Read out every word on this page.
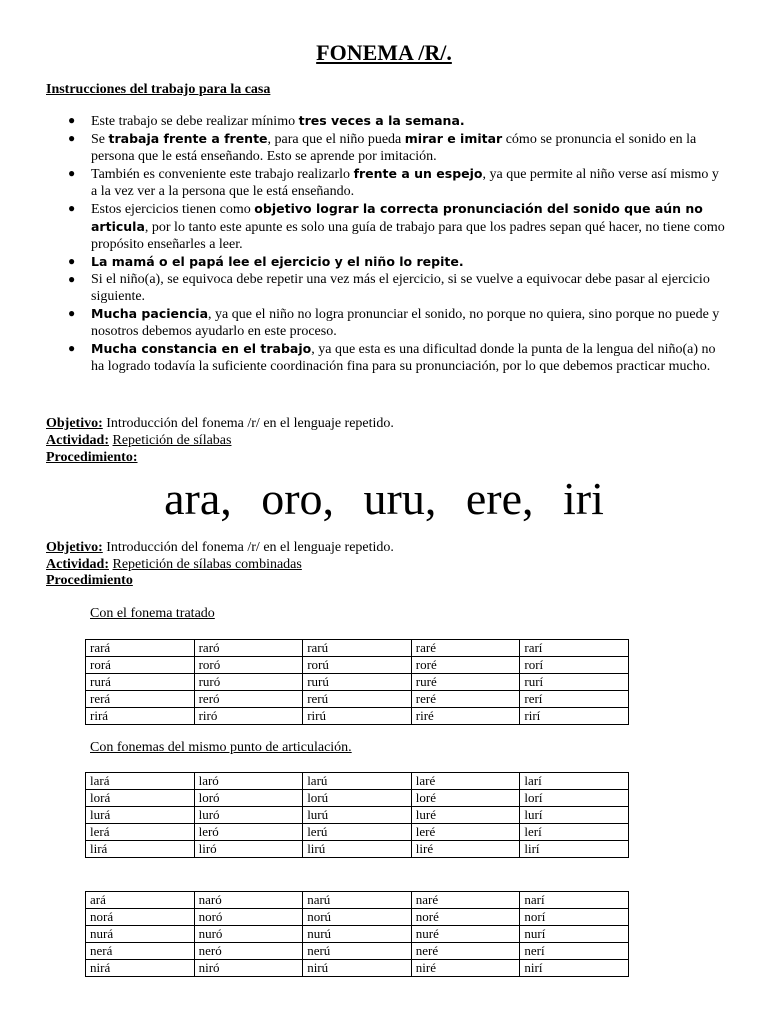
FONEMA /R/.
Instrucciones del trabajo para la casa
● Este trabajo se debe realizar mínimo tres veces a la semana.
● Se trabaja frente a frente, para que el niño pueda mirar e imitar cómo se pronuncia el sonido en la persona que le está enseñando. Esto se aprende por imitación.
● También es conveniente este trabajo realizarlo frente a un espejo, ya que permite al niño verse así mismo y a la vez ver a la persona que le está enseñando.
● Estos ejercicios tienen como objetivo lograr la correcta pronunciación del sonido que aún no articula, por lo tanto este apunte es solo una guía de trabajo para que los padres sepan qué hacer, no tiene como propósito enseñarles a leer.
● La mamá o el papá lee el ejercicio y el niño lo repite.
● Si el niño(a), se equivoca debe repetir una vez más el ejercicio, si se vuelve a equivocar debe pasar al ejercicio siguiente.
● Mucha paciencia, ya que el niño no logra pronunciar el sonido, no porque no quiera, sino porque no puede y nosotros debemos ayudarlo en este proceso.
● Mucha constancia en el trabajo, ya que esta es una dificultad donde la punta de la lengua del niño(a) no ha logrado todavía la suficiente coordinación fina para su pronunciación, por lo que debemos practicar mucho.
Objetivo: Introducción del fonema /r/ en el lenguaje repetido.
Actividad: Repetición de sílabas
Procedimiento:
ara, oro, uru, ere, iri
Objetivo: Introducción del fonema /r/ en el lenguaje repetido.
Actividad: Repetición de sílabas combinadas
Procedimiento
Con el fonema tratado
rará	raró	rarú	raré	rarí
rorá	roró	rorú	roré	rorí
rurá	ruró	rurú	ruré	rurí
rerá	reró	rerú	reré	rerí
rirá	riró	rirú	riré	rirí
Con fonemas del mismo punto de articulación.
lará	laró	larú	laré	larí
lorá	loró	lorú	loré	lorí
lurá	luró	lurú	luré	lurí
lerá	leró	lerú	leré	lerí
lirá	liró	lirú	liré	lirí
ará	naró	narú	naré	narí
norá	noró	norú	noré	norí
nurá	nuró	nurú	nuré	nurí
nerá	neró	nerú	neré	nerí
nirá	niró	nirú	niré	nirí
